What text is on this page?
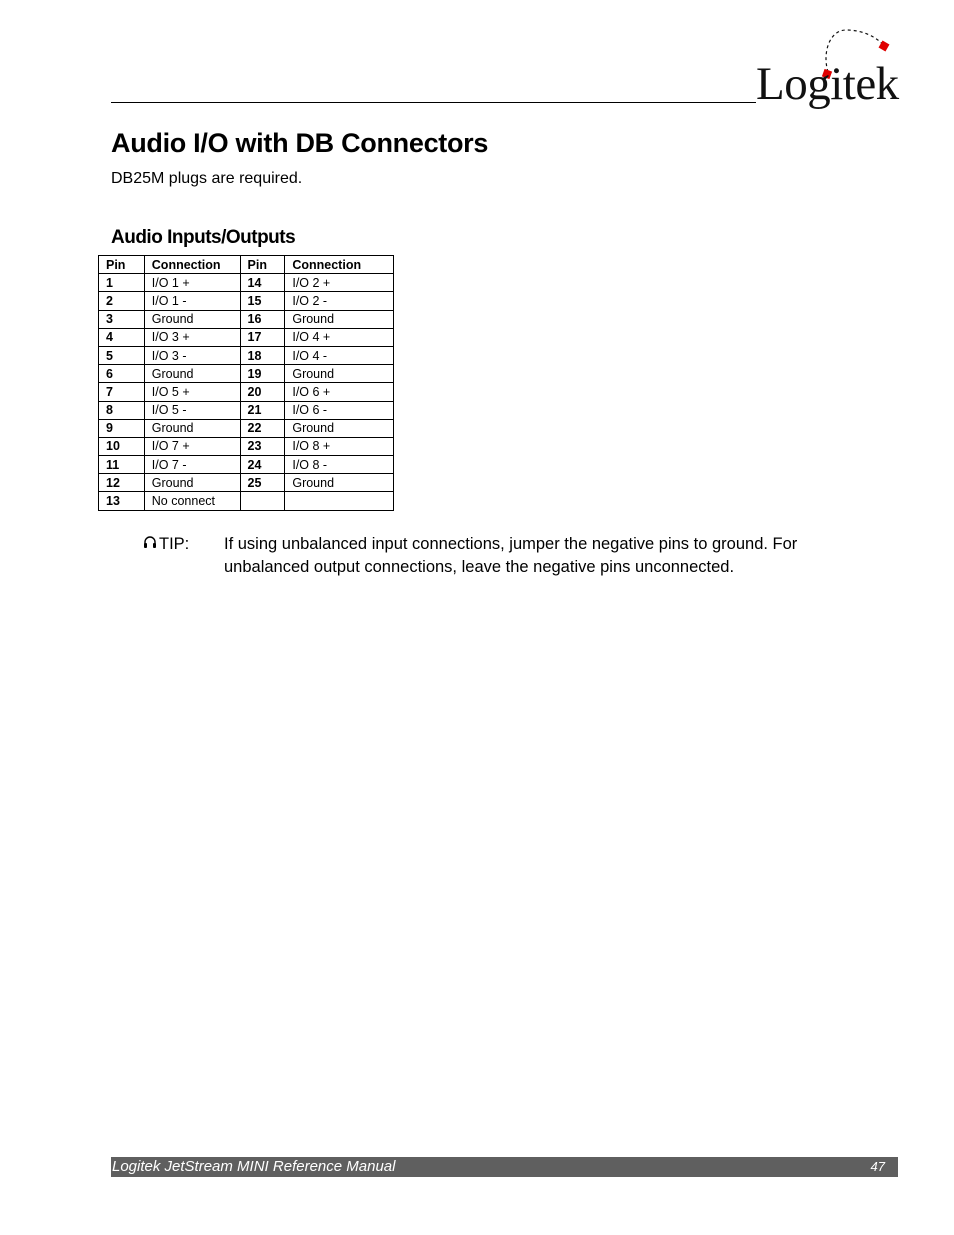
Logitek
Audio I/O with DB Connectors
DB25M plugs are required.
Audio Inputs/Outputs
Pin	Connection	Pin	Connection
1	I/O 1 +	14	I/O 2 +
2	I/O 1 -	15	I/O 2 -
3	Ground	16	Ground
4	I/O 3 +	17	I/O 4 +
5	I/O 3 -	18	I/O 4 -
6	Ground	19	Ground
7	I/O 5 +	20	I/O 6 +
8	I/O 5 -	21	I/O 6 -
9	Ground	22	Ground
10	I/O 7 +	23	I/O 8 +
11	I/O 7 -	24	I/O 8 -
12	Ground	25	Ground
13	No connect		
TIP: If using unbalanced input connections, jumper the negative pins to ground. For unbalanced output connections, leave the negative pins unconnected.
Logitek JetStream MINI Reference Manual	47
